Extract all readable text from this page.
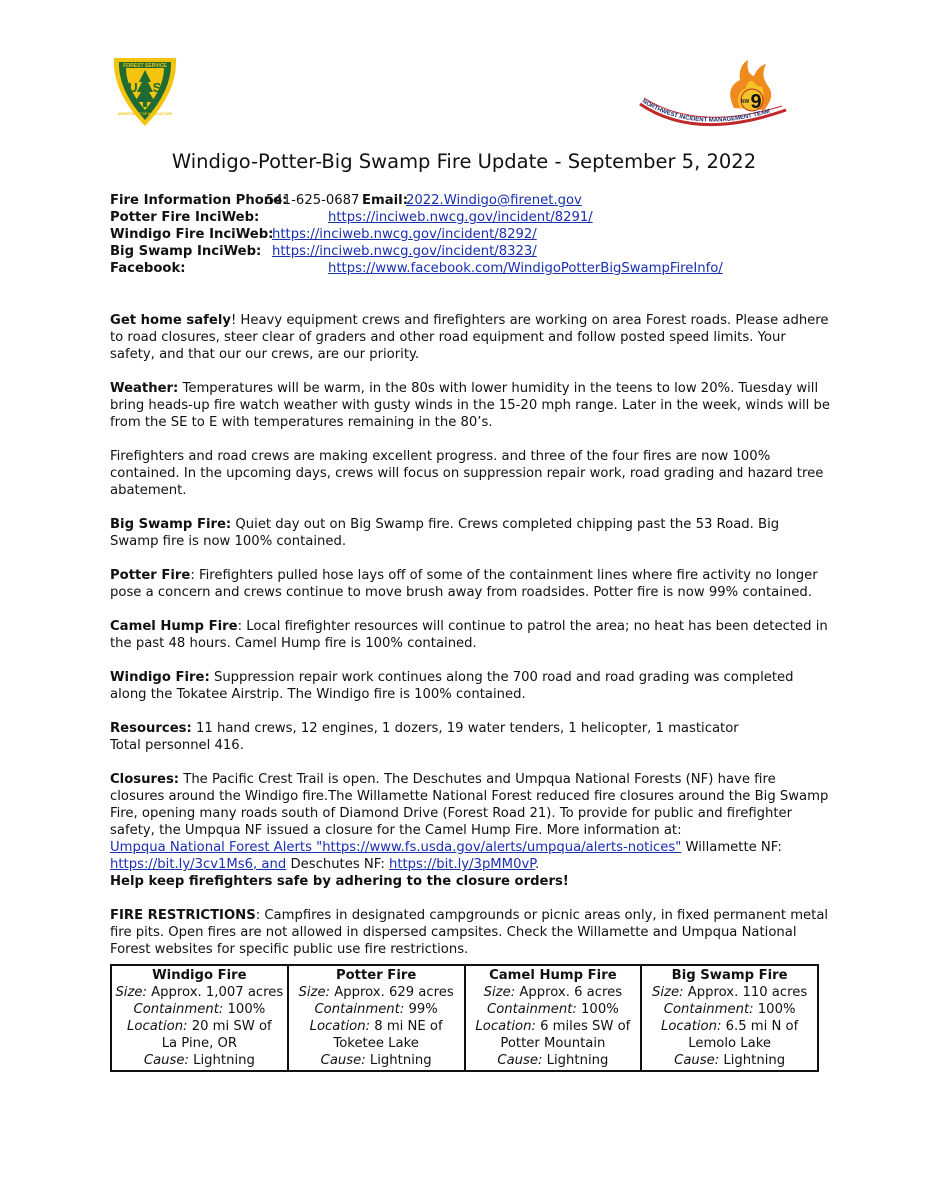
U S
FOREST SERVICE
DEPARTMENT OF AGRICULTURE
NW 9
NORTHWEST INCIDENT MANAGEMENT TEAM
Windigo-Potter-Big Swamp Fire Update - September 5, 2022
Fire Information Phone:
541-625-0687 Email:
2022.Windigo@firenet.gov
Potter Fire InciWeb:	https://inciweb.nwcg.gov/incident/8291/
Windigo Fire InciWeb:
https://inciweb.nwcg.gov/incident/8292/
Big Swamp InciWeb: https://inciweb.nwcg.gov/incident/8323/
Facebook:	https://www.facebook.com/WindigoPotterBigSwampFireInfo/

Get home safely! Heavy equipment crews and firefighters are working on area Forest roads. Please adhere to road closures, steer clear of graders and other road equipment and follow posted speed limits. Your safety, and that our our crews, are our priority.

Weather: Temperatures will be warm, in the 80s with lower humidity in the teens to low 20%. Tuesday will bring heads-up fire watch weather with gusty winds in the 15-20 mph range. Later in the week, winds will be from the SE to E with temperatures remaining in the 80’s.

Firefighters and road crews are making excellent progress. and three of the four fires are now 100% contained. In the upcoming days, crews will focus on suppression repair work, road grading and hazard tree abatement.

Big Swamp Fire: Quiet day out on Big Swamp fire. Crews completed chipping past the 53 Road. Big Swamp fire is now 100% contained.

Potter Fire: Firefighters pulled hose lays off of some of the containment lines where fire activity no longer pose a concern and crews continue to move brush away from roadsides. Potter fire is now 99% contained.

Camel Hump Fire: Local firefighter resources will continue to patrol the area; no heat has been detected in the past 48 hours. Camel Hump fire is 100% contained.

Windigo Fire: Suppression repair work continues along the 700 road and road grading was completed along the Tokatee Airstrip. The Windigo fire is 100% contained.

Resources: 11 hand crews, 12 engines, 1 dozers, 19 water tenders, 1 helicopter, 1 masticator
Total personnel 416.

Closures: The Pacific Crest Trail is open. The Deschutes and Umpqua National Forests (NF) have fire closures around the Windigo fire.The Willamette National Forest reduced fire closures around the Big Swamp Fire, opening many roads south of Diamond Drive (Forest Road 21). To provide for public and firefighter safety, the Umpqua NF issued a closure for the Camel Hump Fire. More information at:
Umpqua National Forest Alerts "https://www.fs.usda.gov/alerts/umpqua/alerts-notices" Willamette NF: https://bit.ly/3cv1Ms6, and Deschutes NF: https://bit.ly/3pMM0vP.
Help keep firefighters safe by adhering to the closure orders!

FIRE RESTRICTIONS: Campfires in designated campgrounds or picnic areas only, in fixed permanent metal fire pits. Open fires are not allowed in dispersed campsites. Check the Willamette and Umpqua National Forest websites for specific public use fire restrictions.

Windigo Fire
Size: Approx. 1,007 acres
Containment: 100%
Location: 20 mi SW of
La Pine, OR
Cause: Lightning

Potter Fire
Size: Approx. 629 acres
Containment: 99%
Location: 8 mi NE of
Toketee Lake
Cause: Lightning

Camel Hump Fire
Size: Approx. 6 acres
Containment: 100%
Location: 6 miles SW of
Potter Mountain
Cause: Lightning

Big Swamp Fire
Size: Approx. 110 acres
Containment: 100%
Location: 6.5 mi N of
Lemolo Lake
Cause: Lightning
